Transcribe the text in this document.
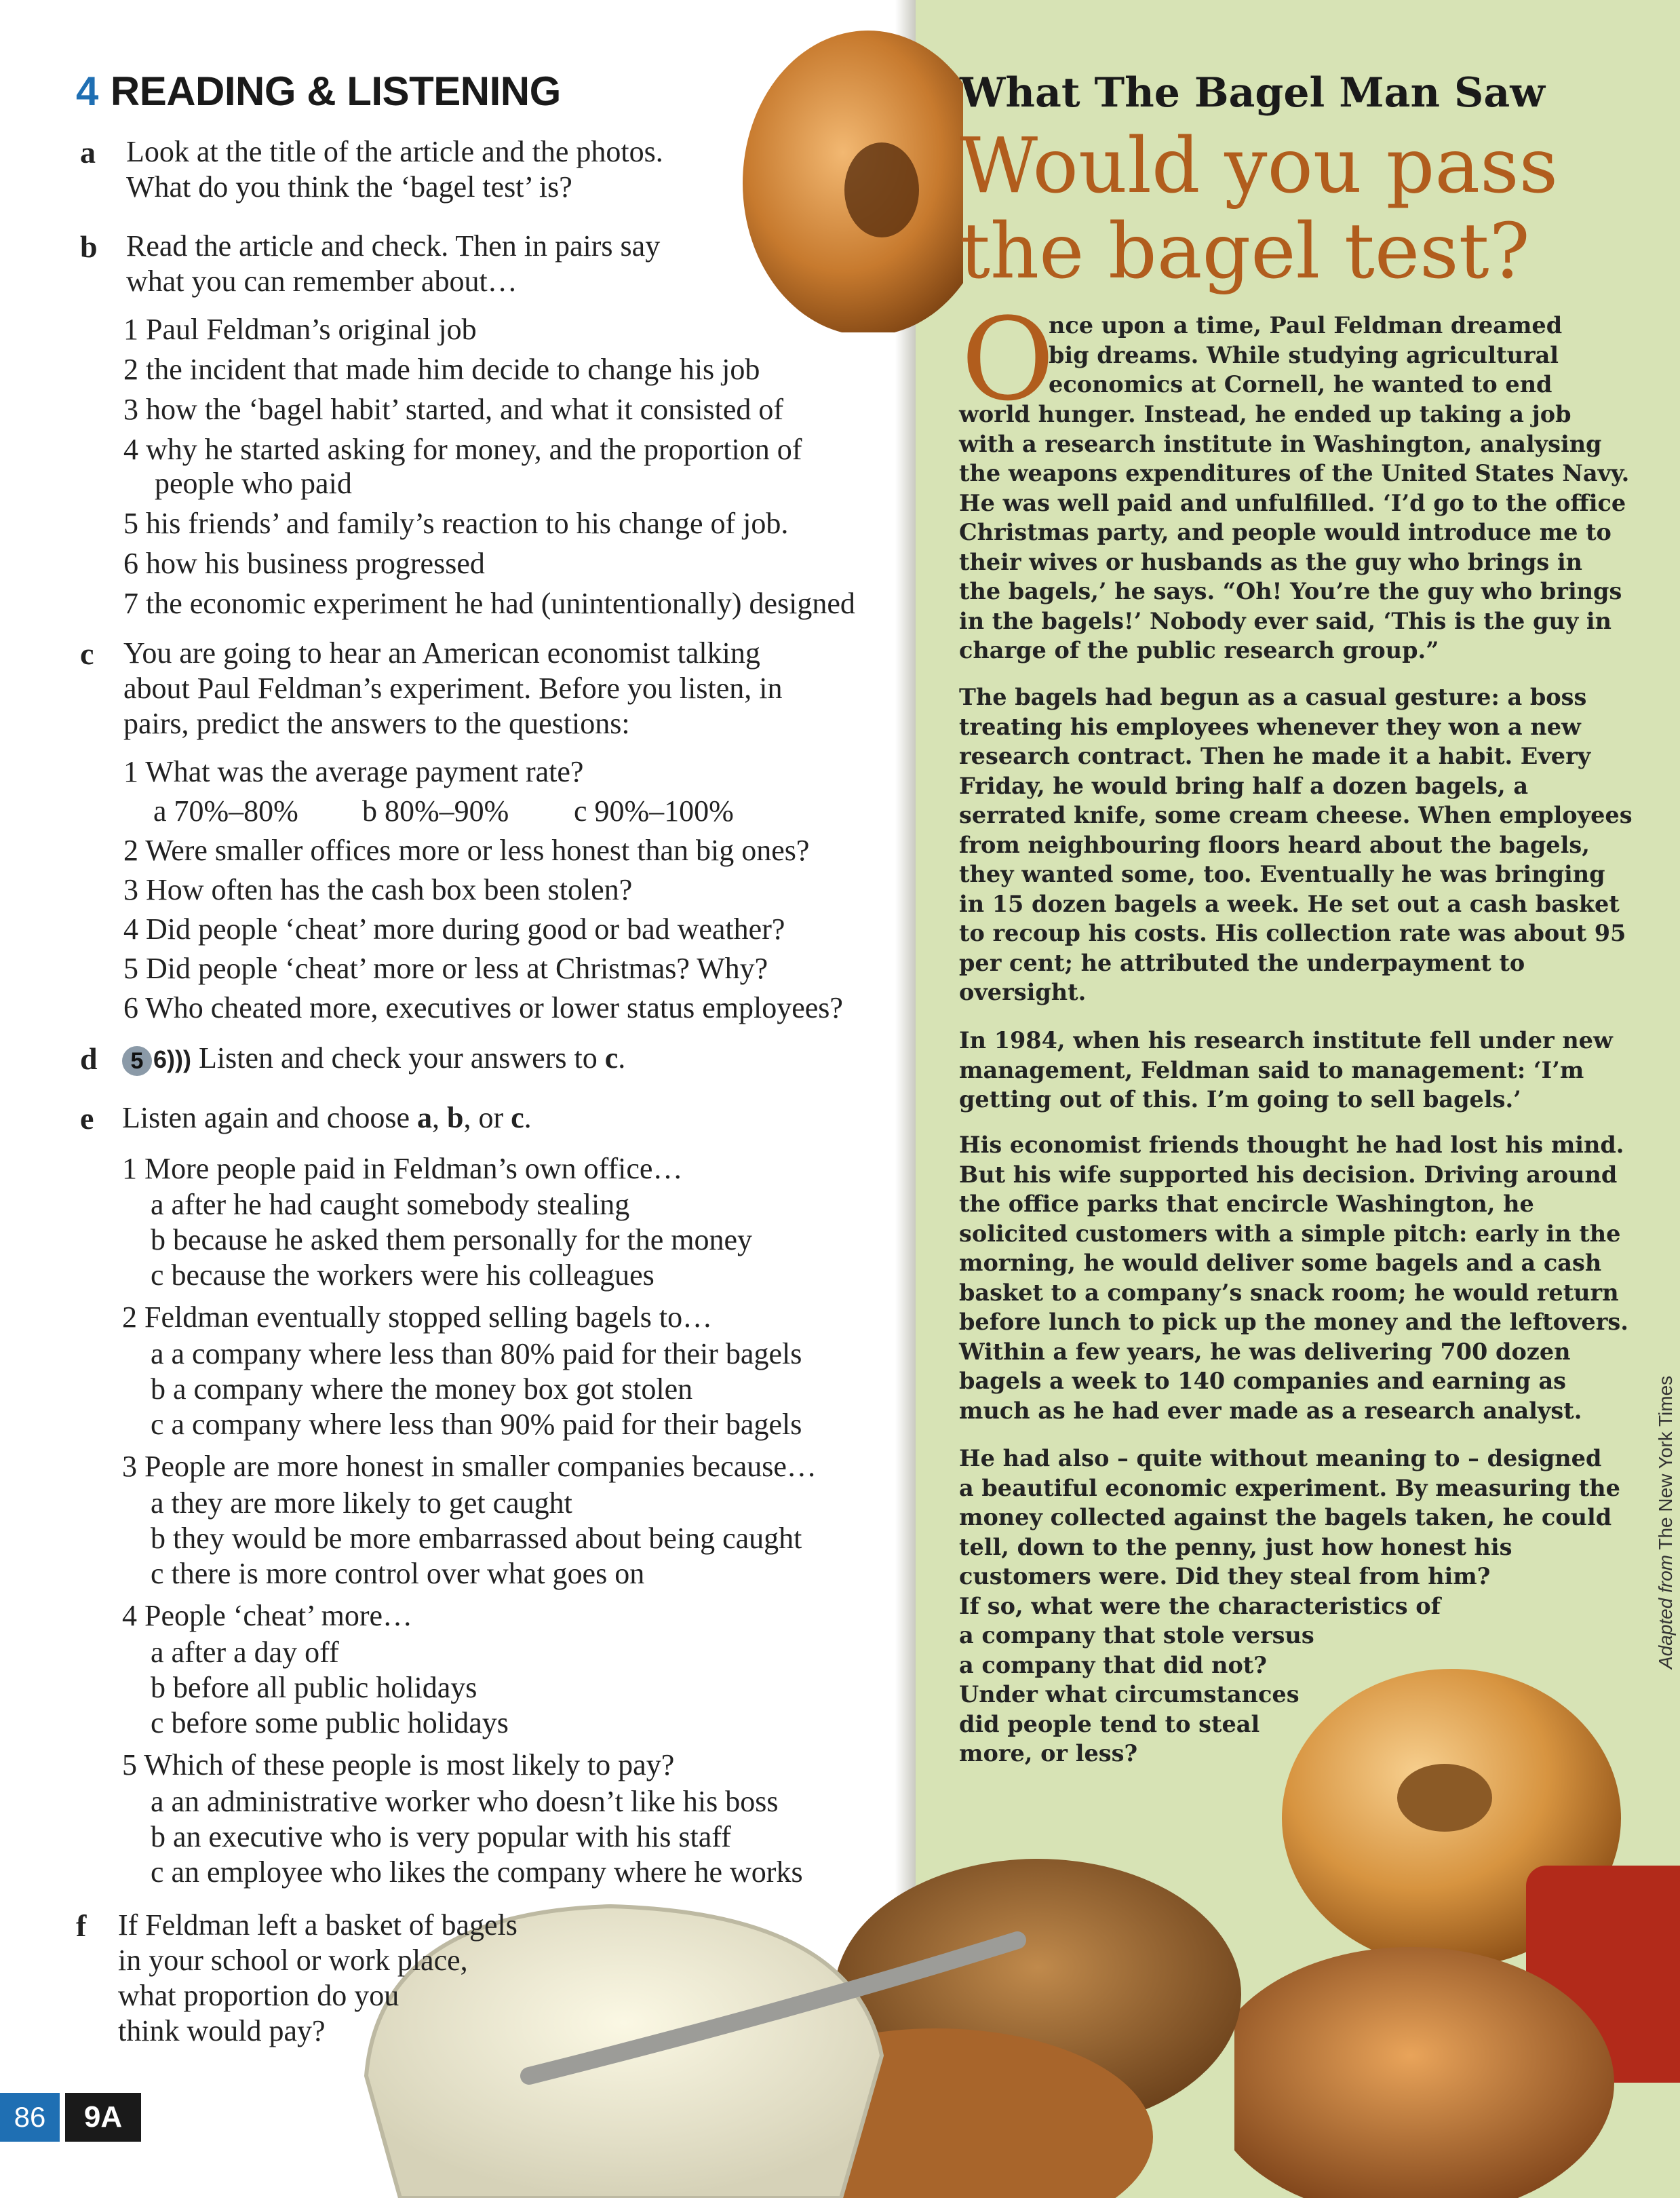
4 READING & LISTENING
a Look at the title of the article and the photos.
What do you think the ‘bagel test’ is?
b Read the article and check. Then in pairs say
what you can remember about…
1 Paul Feldman’s original job
2 the incident that made him decide to change his job
3 how the ‘bagel habit’ started, and what it consisted of
4 why he started asking for money, and the proportion of
people who paid
5 his friends’ and family’s reaction to his change of job.
6 how his business progressed
7 the economic experiment he had (unintentionally) designed
c You are going to hear an American economist talking
about Paul Feldman’s experiment. Before you listen, in
pairs, predict the answers to the questions:
1 What was the average payment rate?
a 70%–80% b 80%–90% c 90%–100%
2 Were smaller offices more or less honest than big ones?
3 How often has the cash box been stolen?
4 Did people ‘cheat’ more during good or bad weather?
5 Did people ‘cheat’ more or less at Christmas? Why?
6 Who cheated more, executives or lower status employees?
d	5 6))) Listen and check your answers to c.
e Listen again and choose a, b, or c.
1 More people paid in Feldman’s own office…
a after he had caught somebody stealing
b because he asked them personally for the money
c because the workers were his colleagues
2 Feldman eventually stopped selling bagels to…
a a company where less than 80% paid for their bagels
b a company where the money box got stolen
c a company where less than 90% paid for their bagels
3 People are more honest in smaller companies because…
a they are more likely to get caught
b they would be more embarrassed about being caught
c there is more control over what goes on
4 People ‘cheat’ more…
a after a day off
b before all public holidays
c before some public holidays
5 Which of these people is most likely to pay?
a an administrative worker who doesn’t like his boss
b an executive who is very popular with his staff
c an employee who likes the company where he works
f If Feldman left a basket of bagels
in your school or work place,
what proportion do you
think would pay?
What The Bagel Man Saw
Would you pass
the bagel test?
O
nce upon a time, Paul Feldman dreamed
big dreams. While studying agricultural
economics at Cornell, he wanted to end
world hunger. Instead, he ended up taking a job
with a research institute in Washington, analysing
the weapons expenditures of the United States Navy.
He was well paid and unfulfilled. ‘I’d go to the office
Christmas party, and people would introduce me to
their wives or husbands as the guy who brings in
the bagels,’ he says. “Oh! You’re the guy who brings
in the bagels!’ Nobody ever said, ‘This is the guy in
charge of the public research group.”
The bagels had begun as a casual gesture: a boss
treating his employees whenever they won a new
research contract. Then he made it a habit. Every
Friday, he would bring half a dozen bagels, a
serrated knife, some cream cheese. When employees
from neighbouring floors heard about the bagels,
they wanted some, too. Eventually he was bringing
in 15 dozen bagels a week. He set out a cash basket
to recoup his costs. His collection rate was about 95
per cent; he attributed the underpayment to
oversight.
In 1984, when his research institute fell under new
management, Feldman said to management: ‘I’m
getting out of this. I’m going to sell bagels.’
His economist friends thought he had lost his mind.
But his wife supported his decision. Driving around
the office parks that encircle Washington, he
solicited customers with a simple pitch: early in the
morning, he would deliver some bagels and a cash
basket to a company’s snack room; he would return
before lunch to pick up the money and the leftovers.
Within a few years, he was delivering 700 dozen
bagels a week to 140 companies and earning as
much as he had ever made as a research analyst.
He had also – quite without meaning to – designed
a beautiful economic experiment. By measuring the
money collected against the bagels taken, he could
tell, down to the penny, just how honest his
customers were. Did they steal from him?
If so, what were the characteristics of
a company that stole versus
a company that did not?
Under what circumstances
did people tend to steal
more, or less?
Adapted from The New York Times
86	9A
